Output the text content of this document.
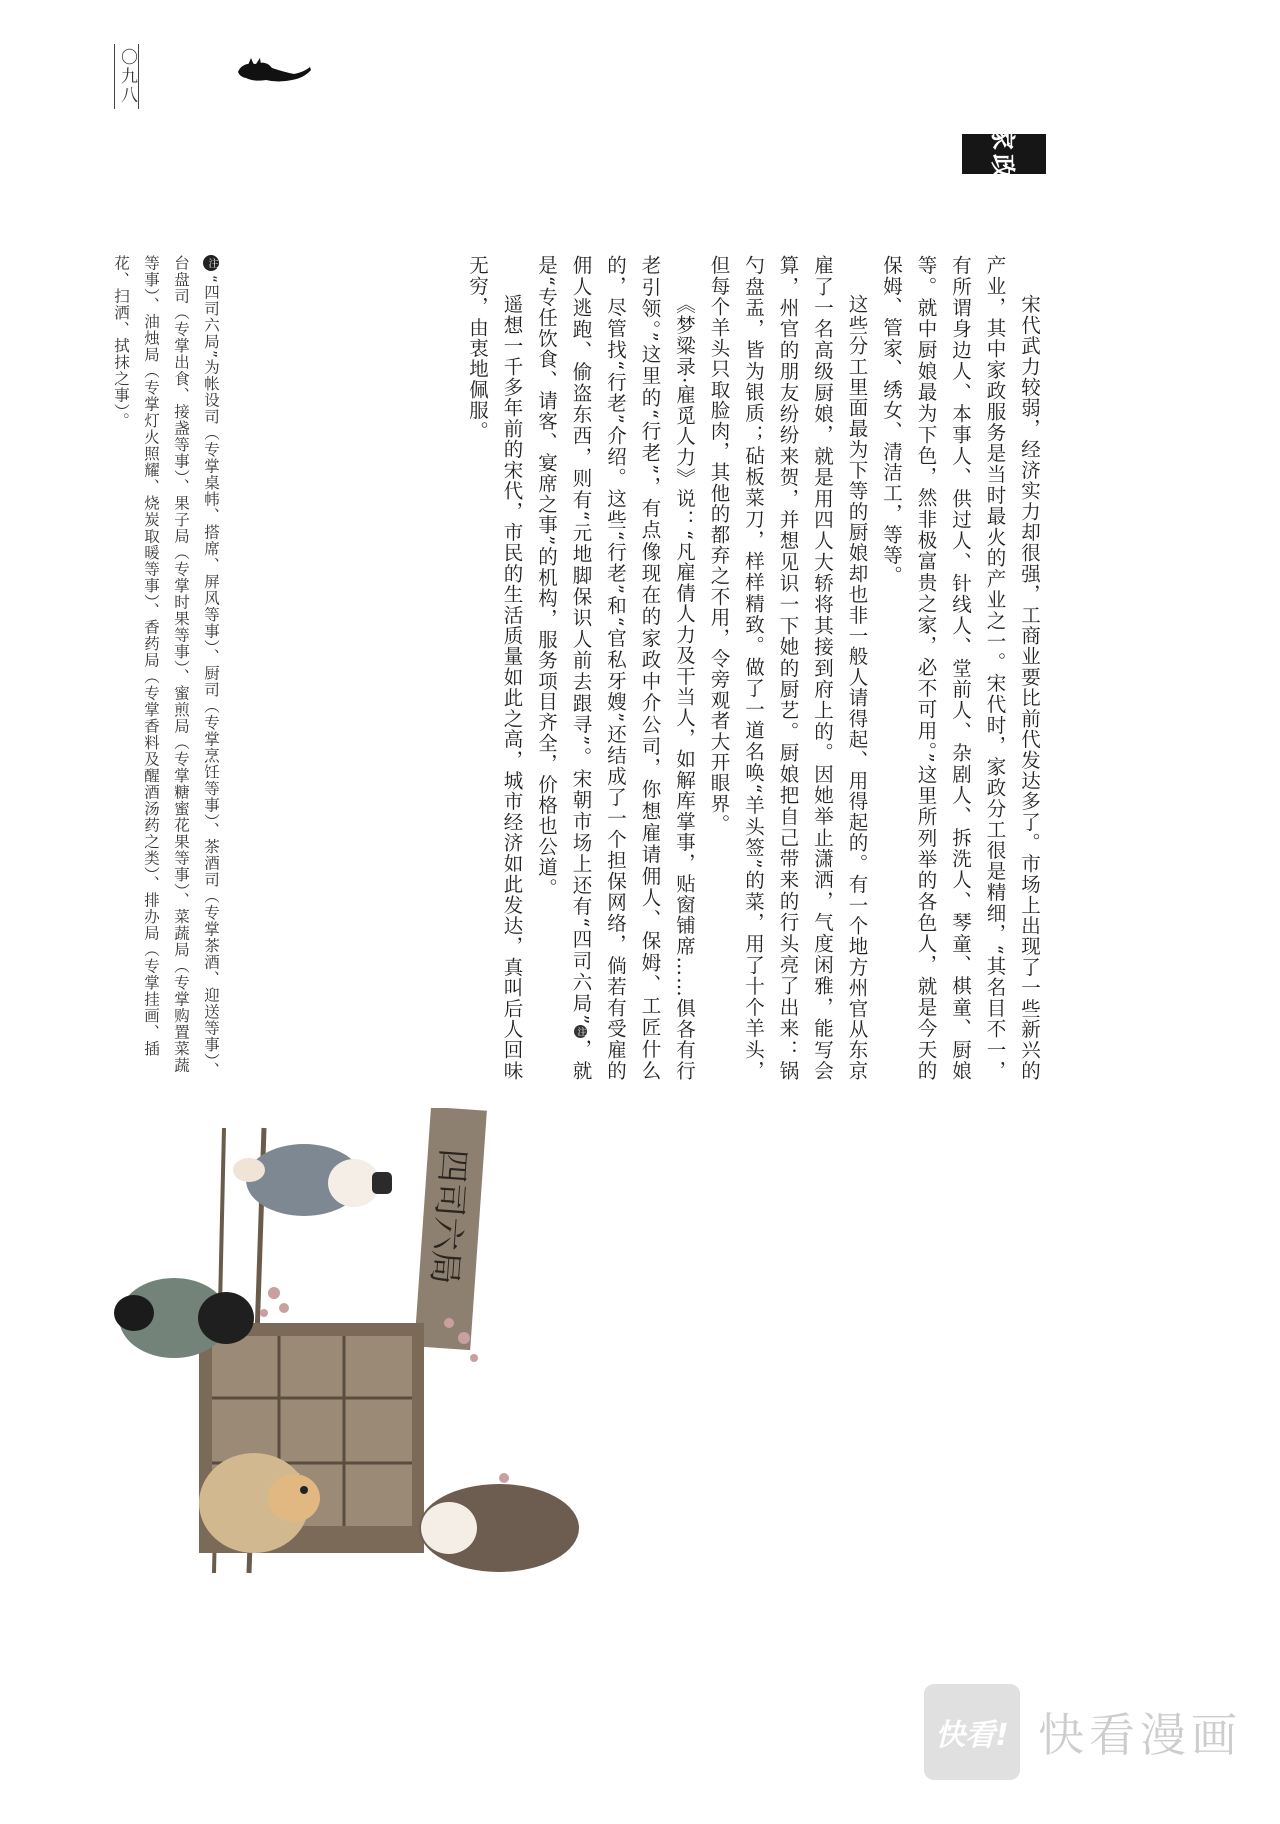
〇九八
家政

宋代武力较弱，经济实力却很强，工商业要比前代发达多了。市场上出现了一些新兴的产业，其中家政服务是当时最火的产业之一。宋代时，家政分工很是精细，“其名目不一，有所谓身边人、本事人、供过人、针线人、堂前人、杂剧人、拆洗人、琴童、棋童、厨娘等。就中厨娘最为下色，然非极富贵之家，必不可用。”这里所列举的各色人，就是今天的保姆、管家、绣女、清洁工，等等。

这些分工里面最为下等的厨娘却也非一般人请得起、用得起的。有一个地方州官从东京雇了一名高级厨娘，就是用四人大轿将其接到府上的。因她举止潇洒，气度闲雅，能写会算，州官的朋友纷纷来贺，并想见识一下她的厨艺。厨娘把自己带来的行头亮了出来：锅勺盘盂，皆为银质；砧板菜刀，样样精致。做了一道名唤“羊头签”的菜，用了十个羊头，但每个羊头只取脸肉，其他的都弃之不用，令旁观者大开眼界。

《梦粱录·雇觅人力》说：“凡雇倩人力及干当人，如解库掌事，贴窗铺席……俱各有行老引领。”这里的“行老”，有点像现在的家政中介公司，你想雇请佣人、保姆、工匠什么的，尽管找“行老”介绍。这些“行老”和“官私牙嫂”还结成了一个担保网络，倘若有受雇的佣人逃跑、偷盗东西，则有“元地脚保识人前去跟寻”。宋朝市场上还有“四司六局”注，就是“专任饮食、请客、宴席之事”的机构，服务项目齐全，价格也公道。

遥想一千多年前的宋代，市民的生活质量如此之高，城市经济如此发达，真叫后人回味无穷，由衷地佩服。

注“四司六局”为帐设司（专掌桌帏、搭席、屏风等事）、厨司（专掌烹饪等事）、茶酒司（专掌茶酒、迎送等事）、台盘司（专掌出食、接盏等事）、果子局（专掌时果等事）、蜜煎局（专掌糖蜜花果等事）、菜蔬局（专掌购置菜蔬等事）、油烛局（专掌灯火照耀、烧炭取暖等事）、香药局（专掌香料及醒酒汤药之类）、排办局（专掌挂画、插花、扫洒、拭抹之事）。
四司六局
快看! 快看漫画
